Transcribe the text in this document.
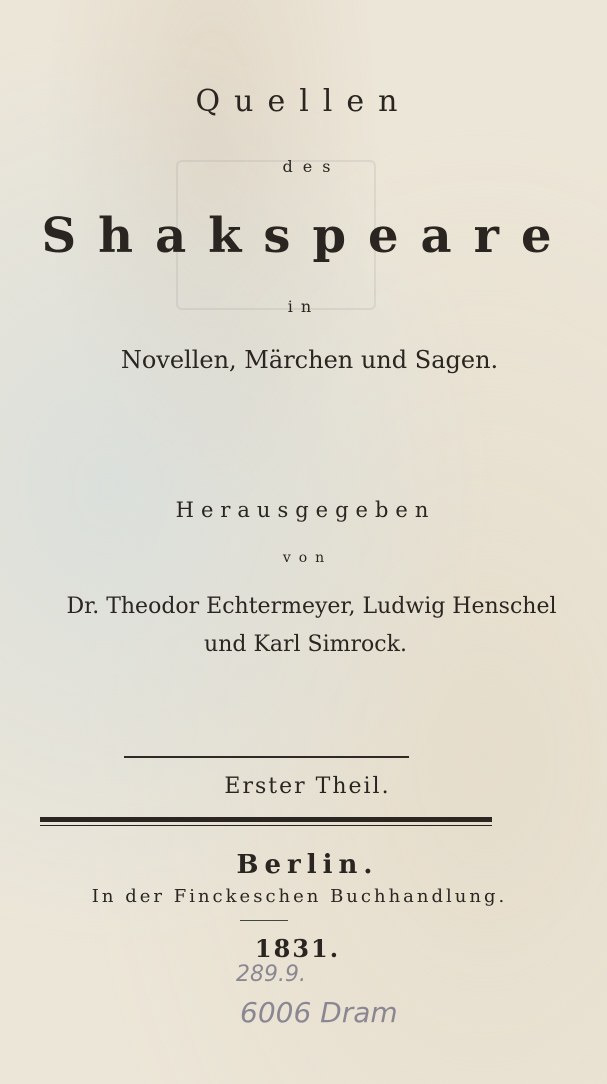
Quellen
des
Shakspeare
in
Novellen, Märchen und Sagen.
Herausgegeben
von
Dr. Theodor Echtermeyer, Ludwig Henschel
und Karl Simrock.
Erster Theil.
Berlin.
In der Finckeschen Buchhandlung.
1831.
289.9.
6006 Dram
